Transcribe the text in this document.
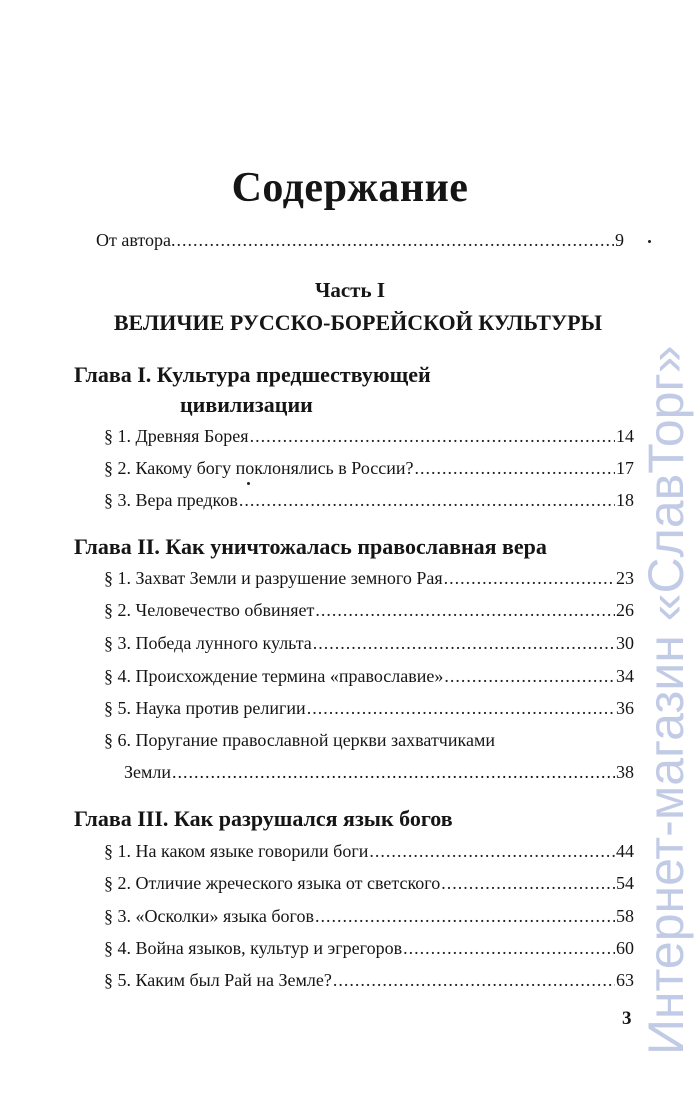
Содержание
От автора. .....	9
Часть I
ВЕЛИЧИЕ РУССКО-БОРЕЙСКОЙ КУЛЬТУРЫ
Глава I. Культура предшествующей
цивилизации
§ 1. Древняя Борея .....	14
§ 2. Какому богу поклонялись в России? .....	17
§ 3. Вера предков .....	18
Глава II. Как уничтожалась православная вера
§ 1. Захват Земли и разрушение земного Рая .....	23
§ 2. Человечество обвиняет .....	26
§ 3. Победа лунного культа .....	30
§ 4. Происхождение термина «православие» .....	34
§ 5. Наука против религии .....	36
§ 6. Поругание православной церкви захватчиками
Земли .....	38
Глава III. Как разрушался язык богов
§ 1. На каком языке говорили боги .....	44
§ 2. Отличие жреческого языка от светского .....	54
§ 3. «Осколки» языка богов .....	58
§ 4. Война языков, культур и эгрегоров .....	60
§ 5. Каким был Рай на Земле? .....	63
3 Интернет-магазин «СлавТорг»
